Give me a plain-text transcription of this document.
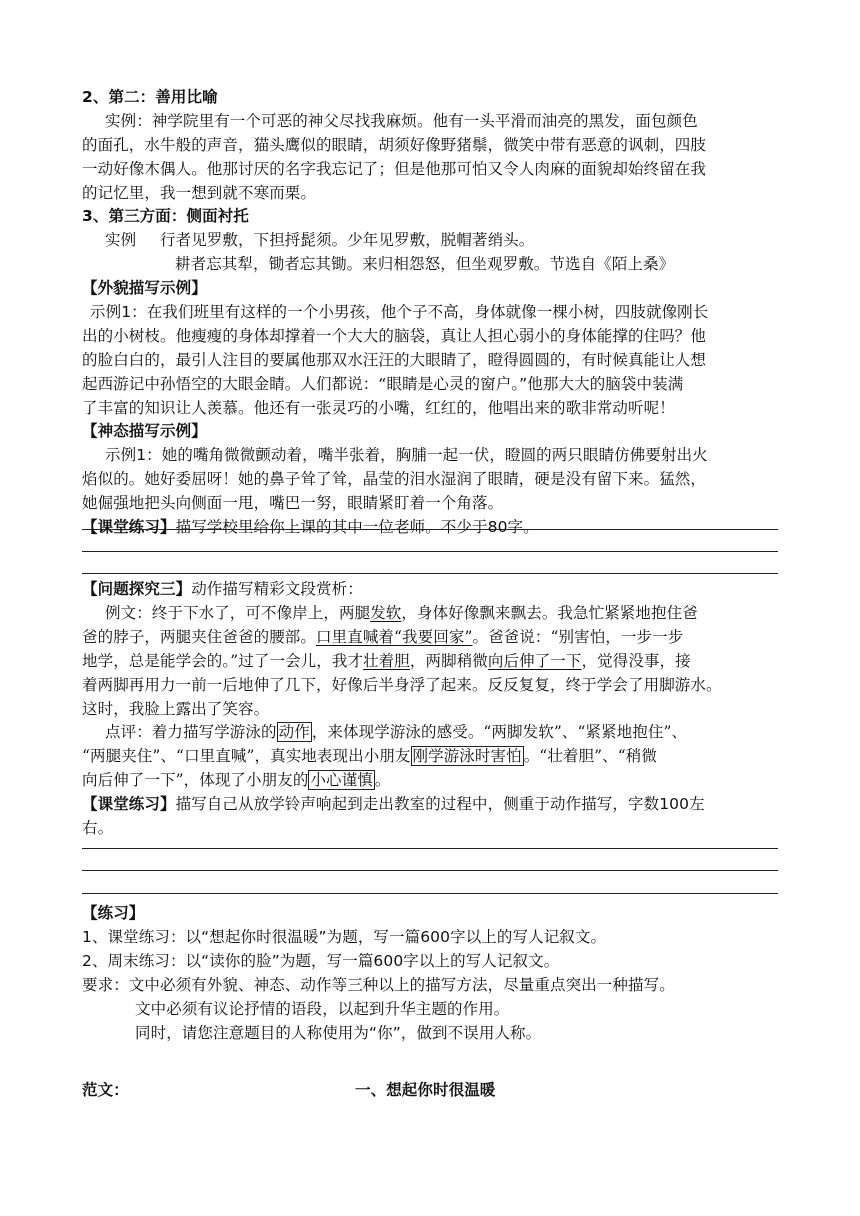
2、第二：善用比喻
实例：神学院里有一个可恶的神父尽找我麻烦。他有一头平滑而油亮的黑发，面包颜色
的面孔，水牛般的声音，猫头鹰似的眼睛，胡须好像野猪鬃，微笑中带有恶意的讽刺，四肢
一动好像木偶人。他那讨厌的名字我忘记了；但是他那可怕又令人肉麻的面貌却始终留在我
的记忆里，我一想到就不寒而栗。
3、第三方面：侧面衬托
实例 行者见罗敷，下担捋髭须。少年见罗敷，脱帽著绡头。
耕者忘其犁，锄者忘其锄。来归相怨怒，但坐观罗敷。节选自《陌上桑》
【外貌描写示例】
示例1：在我们班里有这样的一个小男孩，他个子不高，身体就像一棵小树，四肢就像刚长
出的小树枝。他瘦瘦的身体却撑着一个大大的脑袋，真让人担心弱小的身体能撑的住吗？他
的脸白白的，最引人注目的要属他那双水汪汪的大眼睛了，瞪得圆圆的，有时候真能让人想
起西游记中孙悟空的大眼金睛。人们都说：“眼睛是心灵的窗户。”他那大大的脑袋中装满
了丰富的知识让人羡慕。他还有一张灵巧的小嘴，红红的，他唱出来的歌非常动听呢！
【神态描写示例】
示例1：她的嘴角微微颤动着，嘴半张着，胸脯一起一伏，瞪圆的两只眼睛仿佛要射出火
焰似的。她好委屈呀！她的鼻子耸了耸，晶莹的泪水湿润了眼睛，硬是没有留下来。猛然，
她倔强地把头向侧面一甩，嘴巴一努，眼睛紧盯着一个角落。
【课堂练习】描写学校里给你上课的其中一位老师。不少于80字。
【问题探究三】动作描写精彩文段赏析：
例文：终于下水了，可不像岸上，两腿发软，身体好像飘来飘去。我急忙紧紧地抱住爸
爸的脖子，两腿夹住爸爸的腰部。口里直喊着“我要回家”。爸爸说：“别害怕，一步一步
地学，总是能学会的。”过了一会儿，我才壮着胆，两脚稍微向后伸了一下，觉得没事，接
着两脚再用力一前一后地伸了几下，好像后半身浮了起来。反反复复，终于学会了用脚游水。
这时，我脸上露出了笑容。
点评：着力描写学游泳的 动作 ，来体现学游泳的感受。“两脚发软”、“紧紧地抱住”、
“两腿夹住”、“口里直喊”，真实地表现出小朋友 刚学游泳时害怕 。“壮着胆”、“稍微
向后伸了一下”，体现了小朋友的 小心谨慎 。
【课堂练习】描写自己从放学铃声响起到走出教室的过程中，侧重于动作描写，字数100左
右。
【练习】
1、课堂练习：以“想起你时很温暖”为题，写一篇600字以上的写人记叙文。
2、周末练习：以“读你的脸”为题，写一篇600字以上的写人记叙文。
要求：文中必须有外貌、神态、动作等三种以上的描写方法，尽量重点突出一种描写。
文中必须有议论抒情的语段，以起到升华主题的作用。
同时，请您注意题目的人称使用为“你”，做到不误用人称。
范文：	一、想起你时很温暖
